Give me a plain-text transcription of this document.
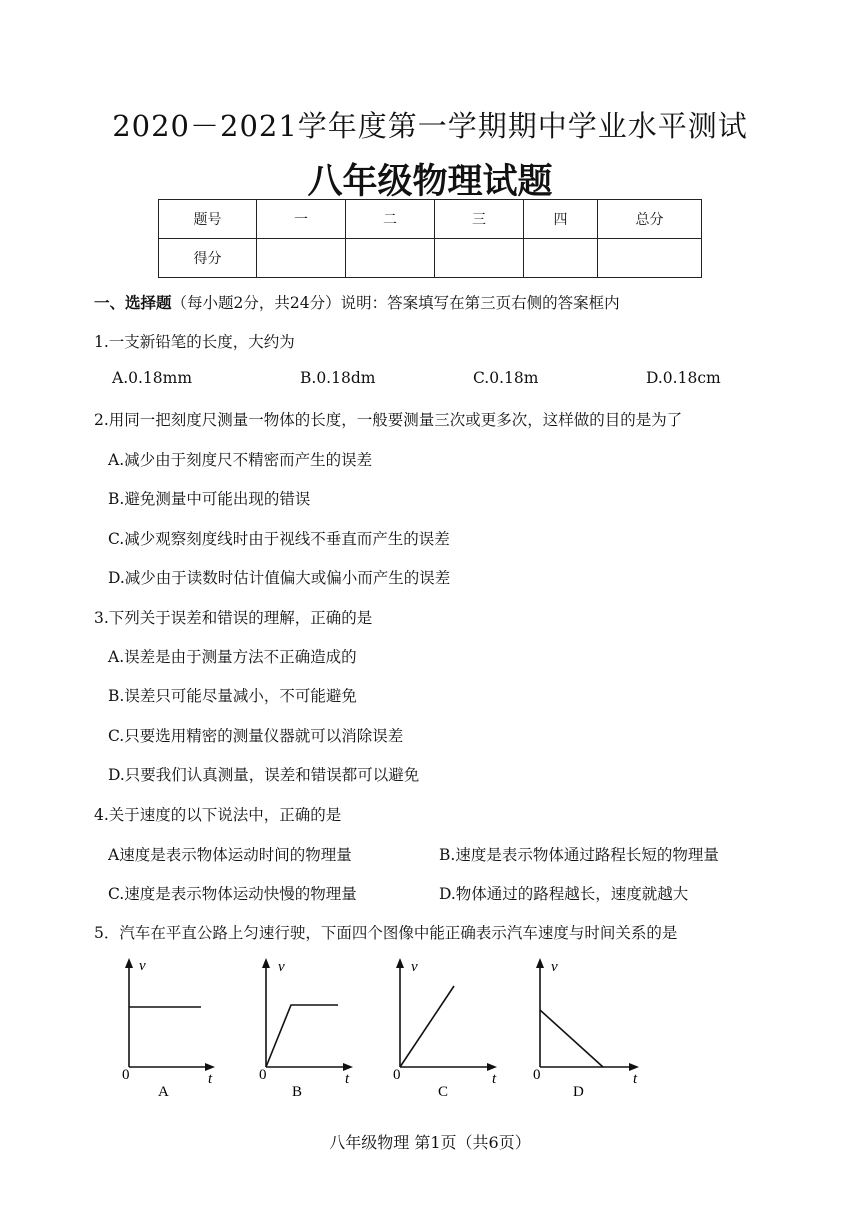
2020－2021学年度第一学期期中学业水平测试
八年级物理试题
题号	一	二	三	四	总分
得分					
一、选择题（每小题2分，共24分）说明：答案填写在第三页右侧的答案框内
1.一支新铅笔的长度，大约为
A.0.18mm	B.0.18dm	C.0.18m	D.0.18cm
2.用同一把刻度尺测量一物体的长度，一般要测量三次或更多次，这样做的目的是为了
A.减少由于刻度尺不精密而产生的误差
B.避免测量中可能出现的错误
C.减少观察刻度线时由于视线不垂直而产生的误差
D.减少由于读数时估计值偏大或偏小而产生的误差
3.下列关于误差和错误的理解，正确的是
A.误差是由于测量方法不正确造成的
B.误差只可能尽量减小，不可能避免
C.只要选用精密的测量仪器就可以消除误差
D.只要我们认真测量，误差和错误都可以避免
4.关于速度的以下说法中，正确的是
A速度是表示物体运动时间的物理量	B.速度是表示物体通过路程长短的物理量
C.速度是表示物体运动快慢的物理量	D.物体通过的路程越长，速度就越大
5．汽车在平直公路上匀速行驶，下面四个图像中能正确表示汽车速度与时间关系的是
v
0	t
A
v
0	t
B
v
0	t
C
v
0	t
D
八年级物理 第1页（共6页）
